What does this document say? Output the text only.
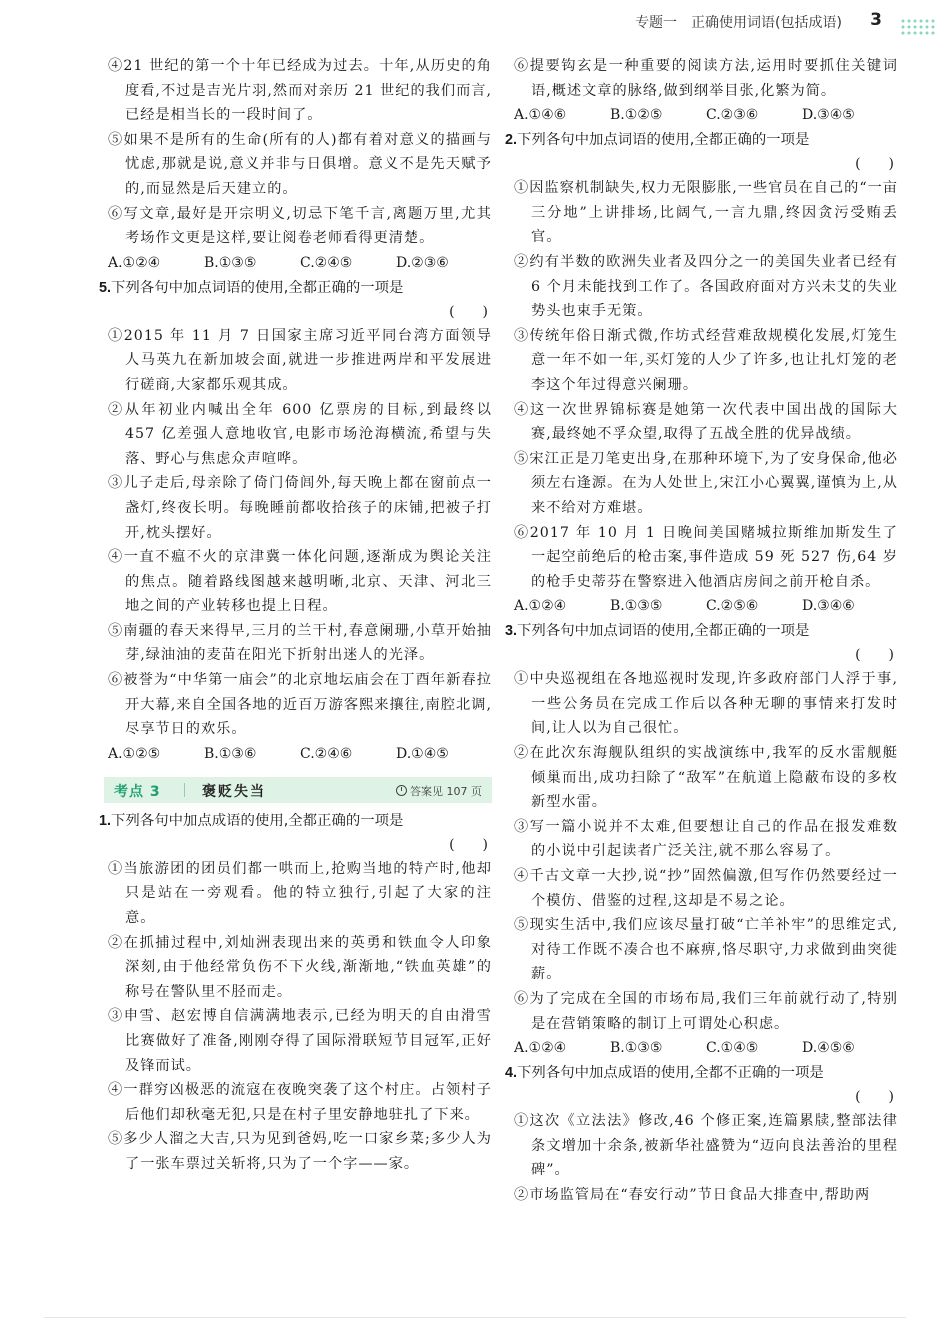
专题一　正确使用词语(包括成语) 3
④21 世纪的第一个十年已经成为过去。十年,从历史的角度看,不过是吉光片羽,然而对亲历 21 世纪的我们而言,已经是相当长的一段时间了。
⑤如果不是所有的生命(所有的人)都有着对意义的描画与忧虑,那就是说,意义并非与日俱增。意义不是先天赋予的,而显然是后天建立的。
⑥写文章,最好是开宗明义,切忌下笔千言,离题万里,尤其考场作文更是这样,要让阅卷老师看得更清楚。
A.①②④	B.①③⑤	C.②④⑤	D.②③⑥
5.下列各句中加点词语的使用,全都正确的一项是
(　　)
①2015 年 11 月 7 日国家主席习近平同台湾方面领导人马英九在新加坡会面,就进一步推进两岸和平发展进行磋商,大家都乐观其成。
②从年初业内喊出全年 600 亿票房的目标,到最终以 457 亿差强人意地收官,电影市场沧海横流,希望与失落、野心与焦虑众声喧哗。
③儿子走后,母亲除了倚门倚闾外,每天晚上都在窗前点一盏灯,终夜长明。每晚睡前都收拾孩子的床铺,把被子打开,枕头摆好。
④一直不瘟不火的京津冀一体化问题,逐渐成为舆论关注的焦点。随着路线图越来越明晰,北京、天津、河北三地之间的产业转移也提上日程。
⑤南疆的春天来得早,三月的兰干村,春意阑珊,小草开始抽芽,绿油油的麦苗在阳光下折射出迷人的光泽。
⑥被誉为“中华第一庙会”的北京地坛庙会在丁酉年新春拉开大幕,来自全国各地的近百万游客熙来攘往,南腔北调,尽享节日的欢乐。
A.①②⑤	B.①③⑥	C.②④⑥	D.①④⑤
考点 3	褒贬失当	答案见 107 页
1.下列各句中加点成语的使用,全都正确的一项是
(　　)
①当旅游团的团员们都一哄而上,抢购当地的特产时,他却只是站在一旁观看。他的特立独行,引起了大家的注意。
②在抓捕过程中,刘灿洲表现出来的英勇和铁血令人印象深刻,由于他经常负伤不下火线,渐渐地,“铁血英雄”的称号在警队里不胫而走。
③申雪、赵宏博自信满满地表示,已经为明天的自由滑雪比赛做好了准备,刚刚夺得了国际滑联短节目冠军,正好及锋而试。
④一群穷凶极恶的流寇在夜晚突袭了这个村庄。占领村子后他们却秋毫无犯,只是在村子里安静地驻扎了下来。
⑤多少人溜之大吉,只为见到爸妈,吃一口家乡菜;多少人为了一张车票过关斩将,只为了一个字——家。
⑥提要钩玄是一种重要的阅读方法,运用时要抓住关键词语,概述文章的脉络,做到纲举目张,化繁为简。
A.①④⑥	B.①②⑤	C.②③⑥	D.③④⑤
2.下列各句中加点词语的使用,全都正确的一项是
(　　)
①因监察机制缺失,权力无限膨胀,一些官员在自己的“一亩三分地”上讲排场,比阔气,一言九鼎,终因贪污受贿丢官。
②约有半数的欧洲失业者及四分之一的美国失业者已经有 6 个月未能找到工作了。各国政府面对方兴未艾的失业势头也束手无策。
③传统年俗日渐式微,作坊式经营难敌规模化发展,灯笼生意一年不如一年,买灯笼的人少了许多,也让扎灯笼的老李这个年过得意兴阑珊。
④这一次世界锦标赛是她第一次代表中国出战的国际大赛,最终她不孚众望,取得了五战全胜的优异战绩。
⑤宋江正是刀笔吏出身,在那种环境下,为了安身保命,他必须左右逢源。在为人处世上,宋江小心翼翼,谨慎为上,从来不给对方难堪。
⑥2017 年 10 月 1 日晚间美国赌城拉斯维加斯发生了一起空前绝后的枪击案,事件造成 59 死 527 伤,64 岁的枪手史蒂芬在警察进入他酒店房间之前开枪自杀。
A.①②④	B.①③⑤	C.②⑤⑥	D.③④⑥
3.下列各句中加点词语的使用,全都正确的一项是
(　　)
①中央巡视组在各地巡视时发现,许多政府部门人浮于事,一些公务员在完成工作后以各种无聊的事情来打发时间,让人以为自己很忙。
②在此次东海舰队组织的实战演练中,我军的反水雷舰艇倾巢而出,成功扫除了“敌军”在航道上隐蔽布设的多枚新型水雷。
③写一篇小说并不太难,但要想让自己的作品在报发难数的小说中引起读者广泛关注,就不那么容易了。
④千古文章一大抄,说“抄”固然偏激,但写作仍然要经过一个模仿、借鉴的过程,这却是不易之论。
⑤现实生活中,我们应该尽量打破“亡羊补牢”的思维定式,对待工作既不凑合也不麻痹,恪尽职守,力求做到曲突徙薪。
⑥为了完成在全国的市场布局,我们三年前就行动了,特别是在营销策略的制订上可谓处心积虑。
A.①②④	B.①③⑤	C.①④⑤	D.④⑤⑥
4.下列各句中加点成语的使用,全都不正确的一项是
(　　)
①这次《立法法》修改,46 个修正案,连篇累牍,整部法律条文增加十余条,被新华社盛赞为“迈向良法善治的里程碑”。
②市场监管局在“春安行动”节日食品大排查中,帮助两
